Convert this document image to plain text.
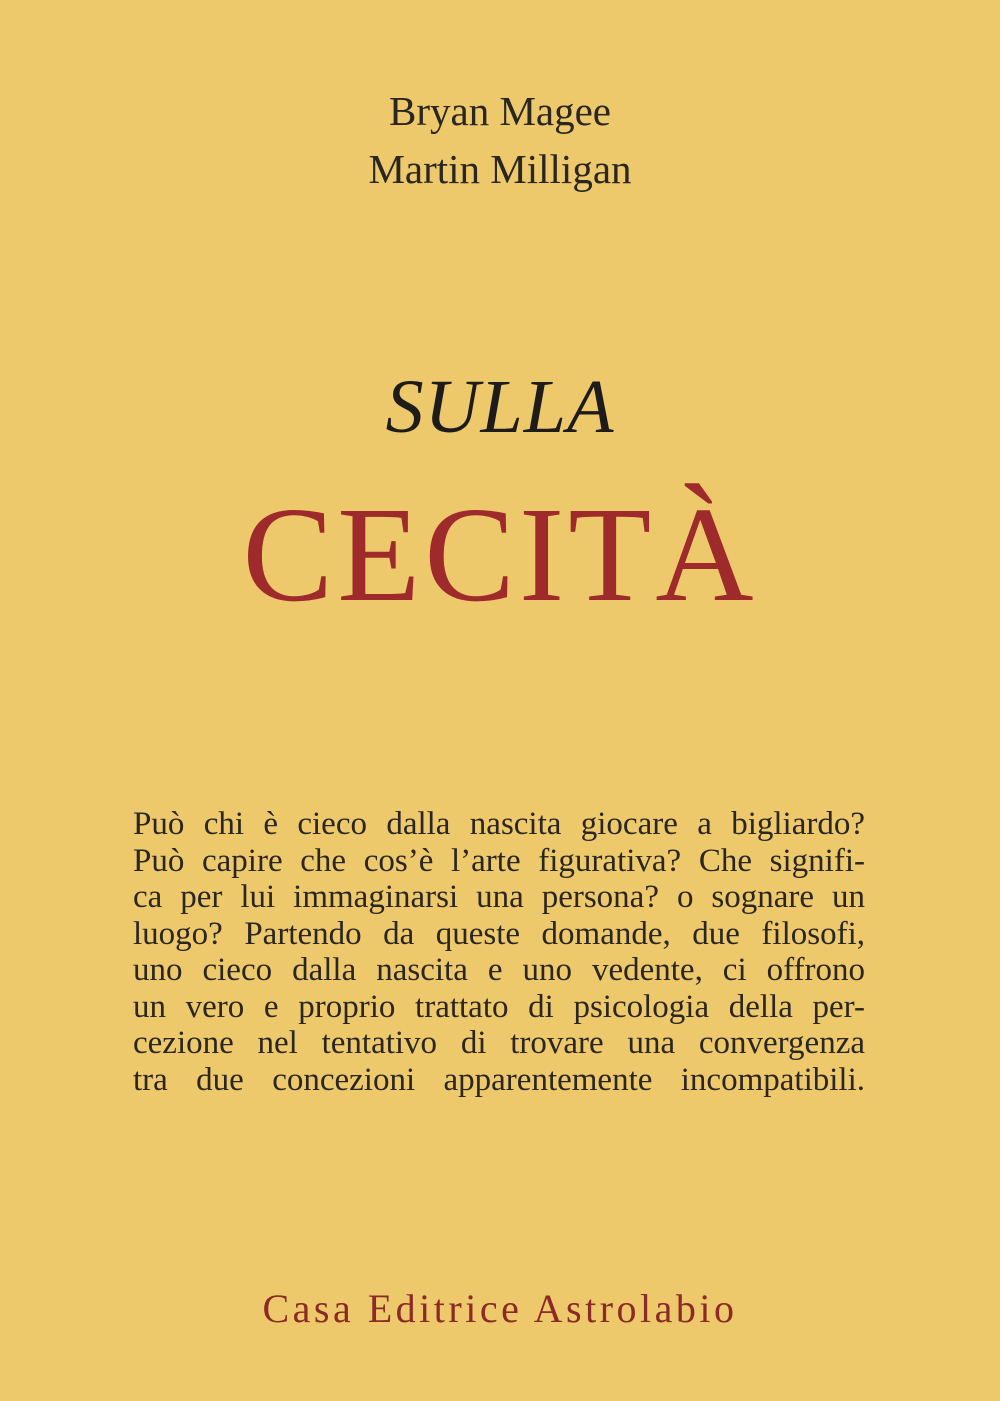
Bryan Magee
Martin Milligan
SULLA
CECITÀ
Può chi è cieco dalla nascita giocare a bigliardo?
Può capire che cos’è l’arte figurativa? Che signifi-
ca per lui immaginarsi una persona? o sognare un
luogo? Partendo da queste domande, due filosofi,
uno cieco dalla nascita e uno vedente, ci offrono
un vero e proprio trattato di psicologia della per-
cezione nel tentativo di trovare una convergenza
tra due concezioni apparentemente incompatibili.
Casa Editrice Astrolabio
